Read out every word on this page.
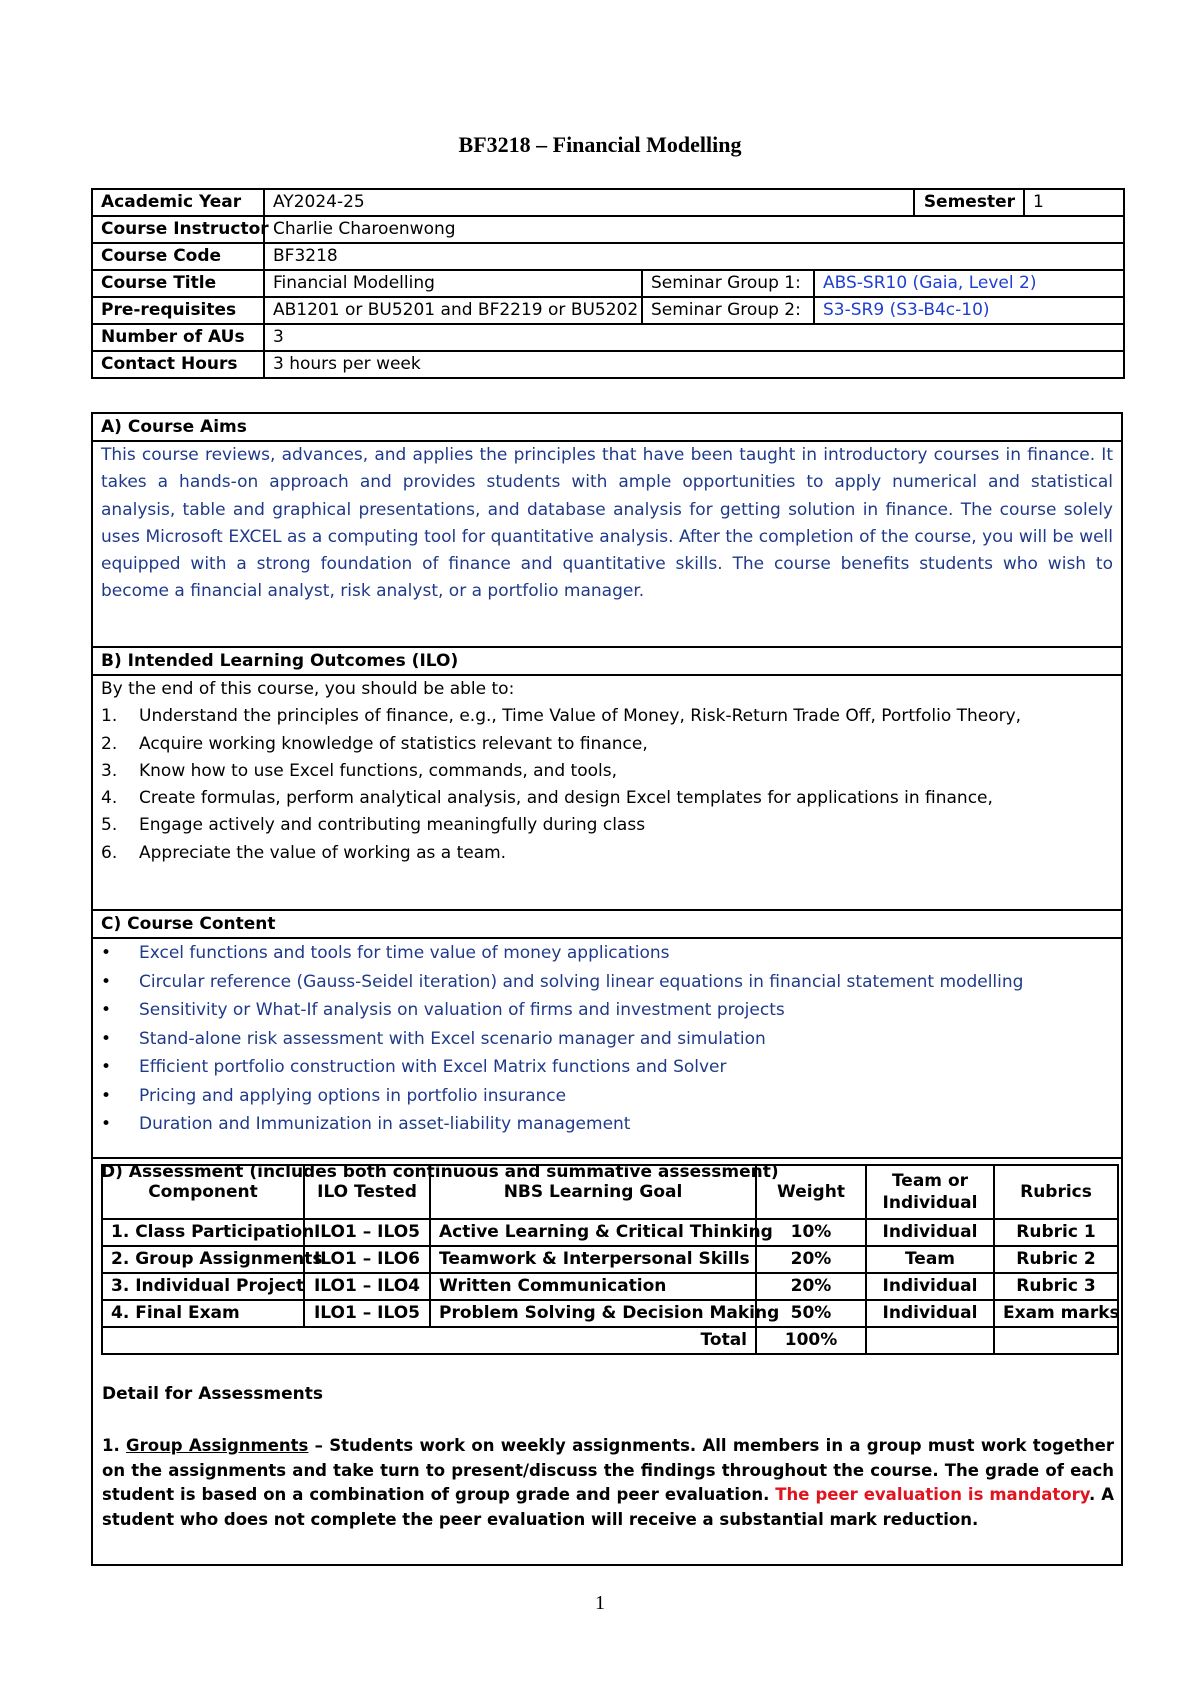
BF3218 – Financial Modelling
Academic Year	AY2024-25			Semester	1
Course Instructor	Charlie Charoenwong				
Course Code	BF3218				
Course Title	Financial Modelling	Seminar Group 1:	ABS-SR10 (Gaia, Level 2)		
Pre-requisites	AB1201 or BU5201 and BF2219 or BU5202	Seminar Group 2:	S3-SR9 (S3-B4c-10)		
Number of AUs	3				
Contact Hours	3 hours per week				
A) Course Aims
This course reviews, advances, and applies the principles that have been taught in introductory courses in finance. It takes a hands-on approach and provides students with ample opportunities to apply numerical and statistical analysis, table and graphical presentations, and database analysis for getting solution in finance. The course solely uses Microsoft EXCEL as a computing tool for quantitative analysis. After the completion of the course, you will be well equipped with a strong foundation of finance and quantitative skills. The course benefits students who wish to become a financial analyst, risk analyst, or a portfolio manager.
B) Intended Learning Outcomes (ILO)
By the end of this course, you should be able to:
1.	Understand the principles of finance, e.g., Time Value of Money, Risk-Return Trade Off, Portfolio Theory,
2.	Acquire working knowledge of statistics relevant to finance,
3.	Know how to use Excel functions, commands, and tools,
4.	Create formulas, perform analytical analysis, and design Excel templates for applications in finance,
5.	Engage actively and contributing meaningfully during class
6.	Appreciate the value of working as a team.
C) Course Content
•	Excel functions and tools for time value of money applications
•	Circular reference (Gauss-Seidel iteration) and solving linear equations in financial statement modelling
•	Sensitivity or What-If analysis on valuation of firms and investment projects
•	Stand-alone risk assessment with Excel scenario manager and simulation
•	Efficient portfolio construction with Excel Matrix functions and Solver
•	Pricing and applying options in portfolio insurance
•	Duration and Immunization in asset-liability management
D) Assessment (includes both continuous and summative assessment)
Component	ILO Tested	NBS Learning Goal	Weight	Team or Individual	Rubrics
1. Class Participation	ILO1 – ILO5	Active Learning & Critical Thinking	10%	Individual	Rubric 1
2. Group Assignments	ILO1 – ILO6	Teamwork & Interpersonal Skills	20%	Team	Rubric 2
3. Individual Project	ILO1 – ILO4	Written Communication	20%	Individual	Rubric 3
4. Final Exam	ILO1 – ILO5	Problem Solving & Decision Making	50%	Individual	Exam marks
Total			100%		
Detail for Assessments
1. Group Assignments – Students work on weekly assignments. All members in a group must work together on the assignments and take turn to present/discuss the findings throughout the course. The grade of each student is based on a combination of group grade and peer evaluation. The peer evaluation is mandatory. A student who does not complete the peer evaluation will receive a substantial mark reduction.
1
